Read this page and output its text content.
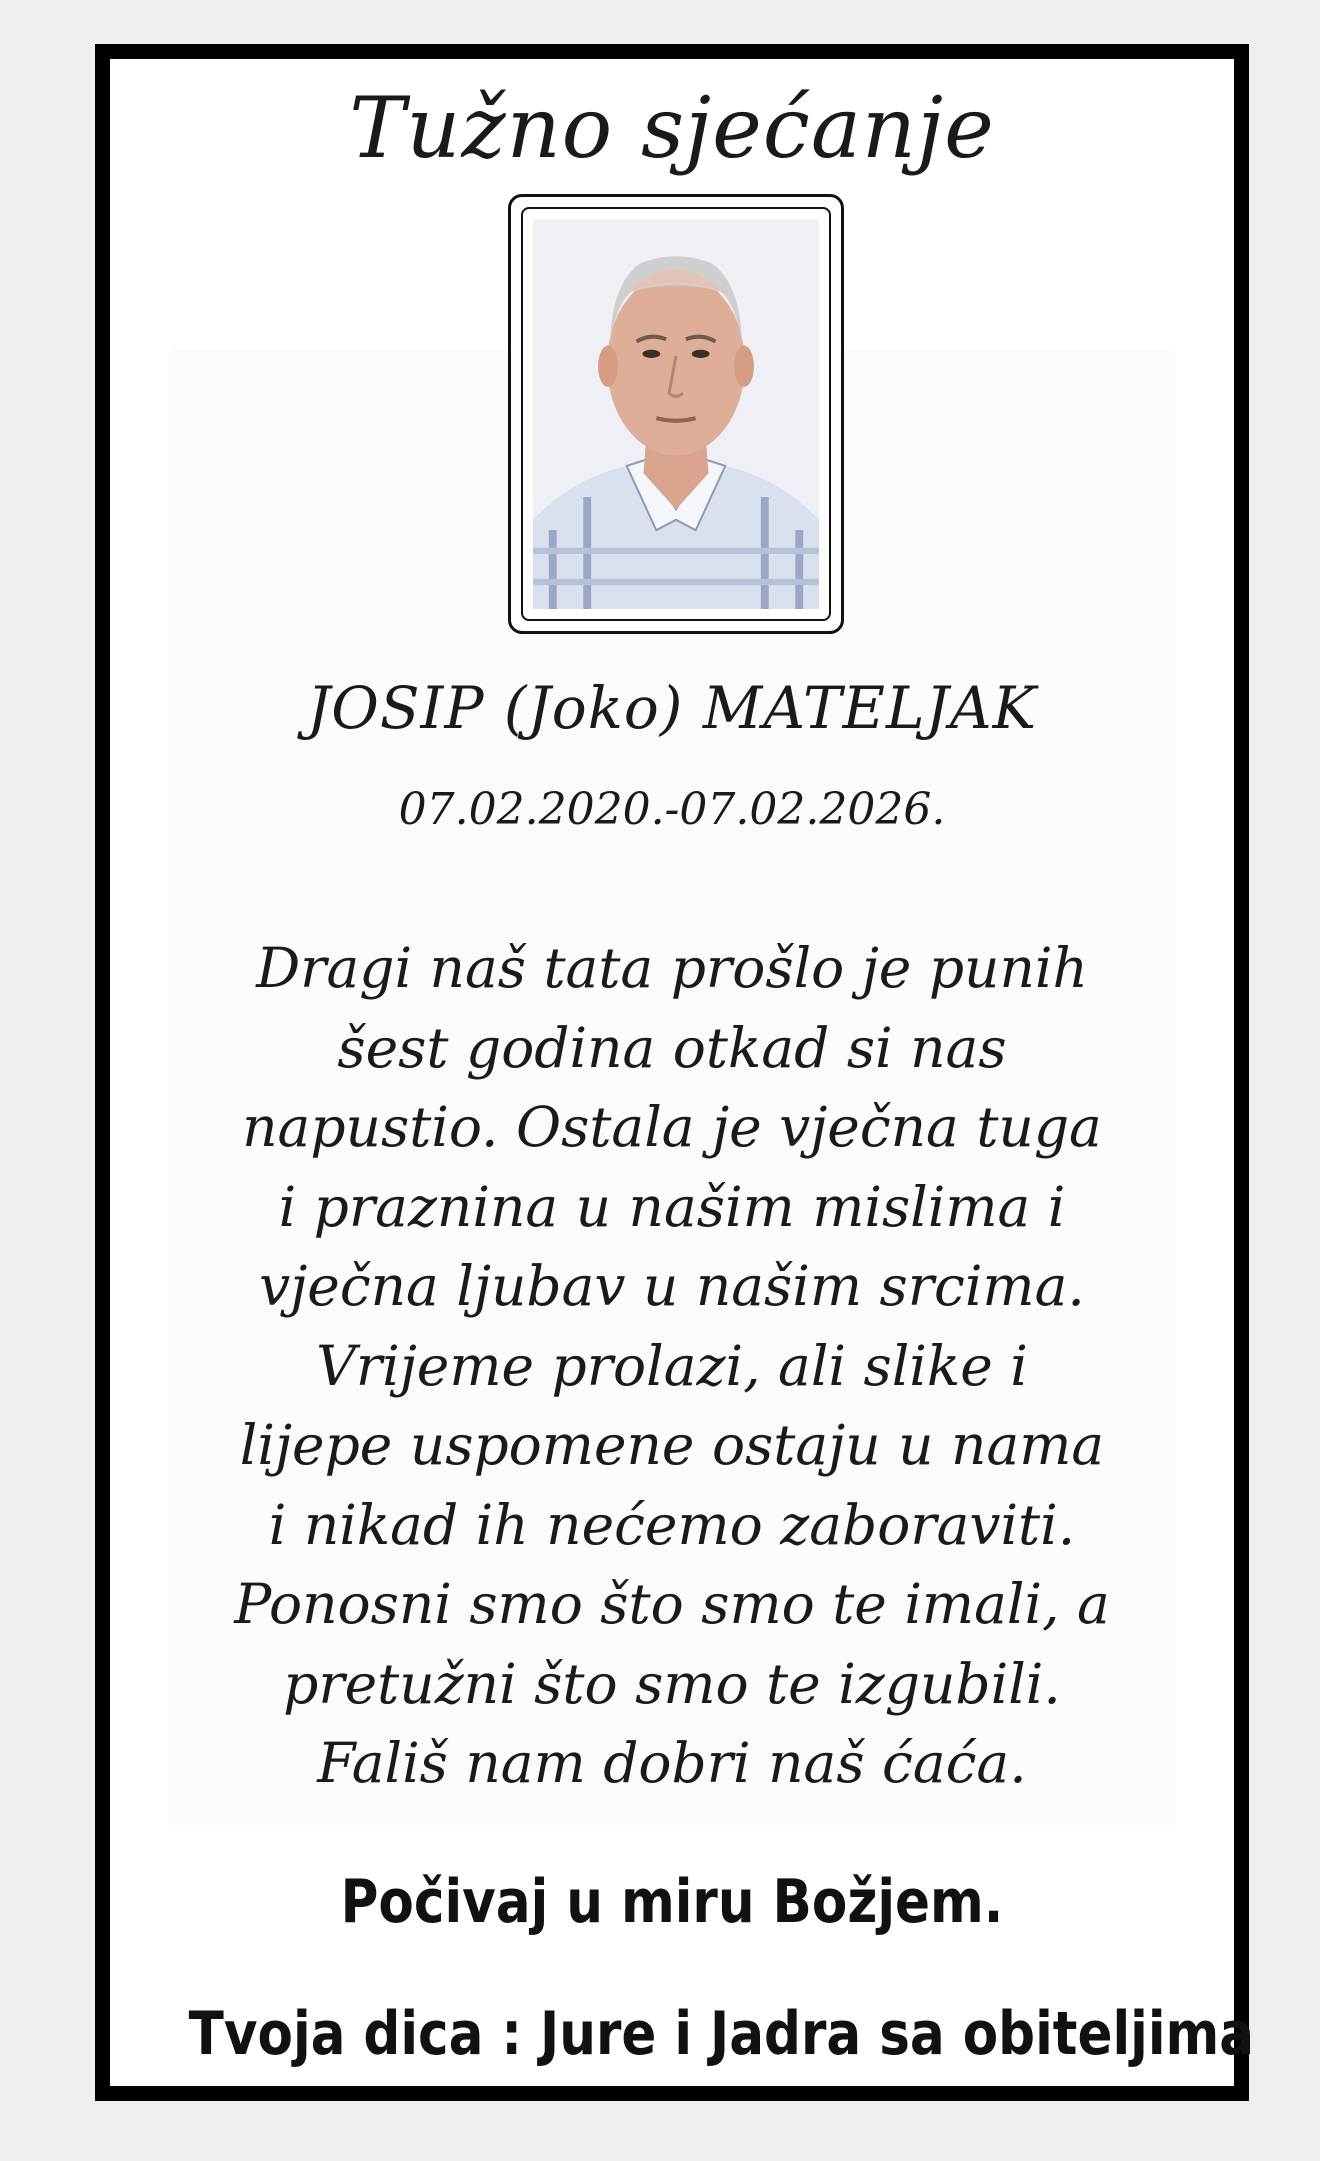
Tužno sjećanje
JOSIP (Joko) MATELJAK
07.02.2020.-07.02.2026.
Dragi naš tata prošlo je punih
šest godina otkad si nas
napustio. Ostala je vječna tuga
i praznina u našim mislima i
vječna ljubav u našim srcima.
Vrijeme prolazi, ali slike i
lijepe uspomene ostaju u nama
i nikad ih nećemo zaboraviti.
Ponosni smo što smo te imali, a
pretužni što smo te izgubili.
Fališ nam dobri naš ćaća.
Počivaj u miru Božjem.
Tvoja dica : Jure i Jadra sa obiteljima
